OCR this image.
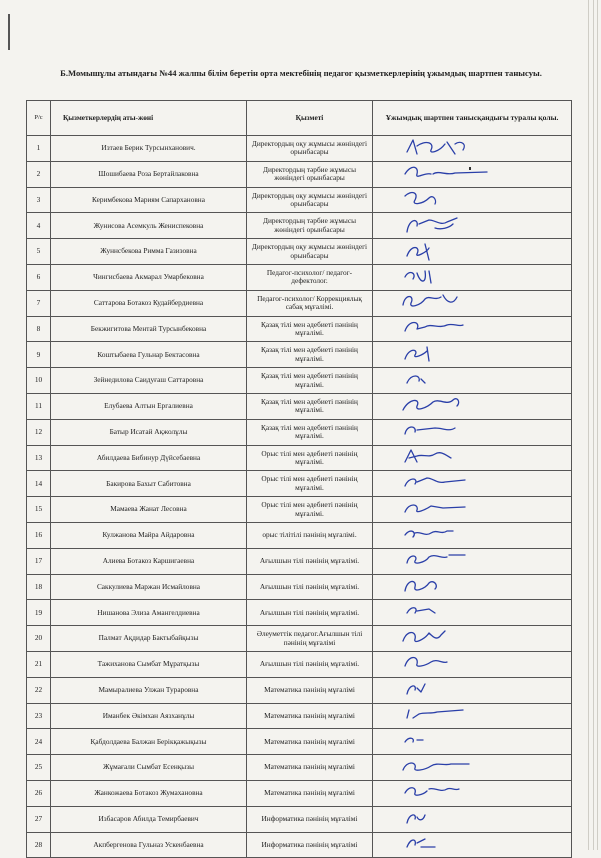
Б.Момышұлы атындағы №44 жалпы білім беретін орта мектебінің педагог қызметкерлерінің ұжымдық шартпен танысуы.
Р/с	Қызметкерлердің аты-жөні	Қызметі	Ұжымдық шартпен танысқандығы туралы қолы.
1	Изтаев Берик Турсынханович.	Директордың оқу жұмысы жөніндегі орынбасары	

2	Шошибаева Роза Бертайлаковна	Директордың тәрбие жұмысы жөніндегі орынбасары	

3	Керимбекова Мариям Сапархановна	Директордың оқу жұмысы жөніндегі орынбасары	

4	Жунисова Асемкуль Жениспековна	Директордың тәрбие жұмысы жөніндегі орынбасары	

5	Жуннсбекова Римма Газизовна	Директордың оқу жұмысы жөніндегі орынбасары	

6	Чингисбаева Акмарал Умарбековна	Педагог-психолог/ педагог-дефектолог.	

7	Саттарова Ботакоз Кудайбердиевна	Педагог-психолог/ Коррекциялық сабақ мұғалімі.	

8	Бекжигитова Ментай Турсынбековна	Қазақ тілі мен әдебиеті пәнінің мұғалімі.	

9	Коштыбаева Гульнар Бектасовна	Қазақ тілі мен әдебиеті пәнінің мұғалімі.	

10	Зейнедилова Саидуғаш Саттаровна	Қазақ тілі мен әдебиеті пәнінің мұғалімі.	

11	Елубаева Алтын Ергалиевна	Қазақ тілі мен әдебиеті пәнінің мұғалімі.	

12	Батыр Исатай Ақжолұлы	Қазақ тілі мен әдебиеті пәнінің мұғалімі.	

13	Абилдаева Бибинур Дүйсебаевна	Орыс тілі мен әдебиеті пәнінің мұғалімі.	

14	Бакирова Бахыт Сабитовна	Орыс тілі мен әдебиеті пәнінің мұғалімі.	

15	Мамаева Жанат Лесовна	Орыс тілі мен әдебиеті пәнінің мұғалімі.	

16	Кулжанова Майра Айдаровна	орыс тілітілі пәнінің мұғалімі.	

17	Алиева Ботакоз Каршигаевна	Ағылшын тілі пәнінің мұғалімі.	

18	Саккулиева Маржан Исмайловна	Ағылшын тілі пәнінің мұғалімі.	

19	Нишанова Элиза Амангелдиевна	Ағылшын тілі пәнінің мұғалімі.	

20	Палмат Ақдидар Бактыбайқызы	Әлеуметтік педагог.Ағылшын тілі пәнінің мұғалімі	

21	Тажиханова Сымбат Мұратқызы	Ағылшын тілі пәнінің мұғалімі.	

22	Мамыралиева Улжан Тураровна	Математика пәнінің мұғалімі	

23	Иманбек Әкімхан Аязханұлы	Математика пәнінің мұғалімі	

24	Қабдолдаева Балжан Берікқажықызы	Математика пәнінің мұғалімі	

25	Жұмағали Сымбат Есенқызы	Математика пәнінің мұғалімі	

26	Жанкожаева Ботакоз Жумахановна	Математика пәнінің мұғалімі	

27	Избасаров Абилда Темирбаевич	Информатика пәнінің мұғалімі	

28	Акпбергенова Гульназ Ускенбаевна	Информатика пәнінің мұғалімі	
